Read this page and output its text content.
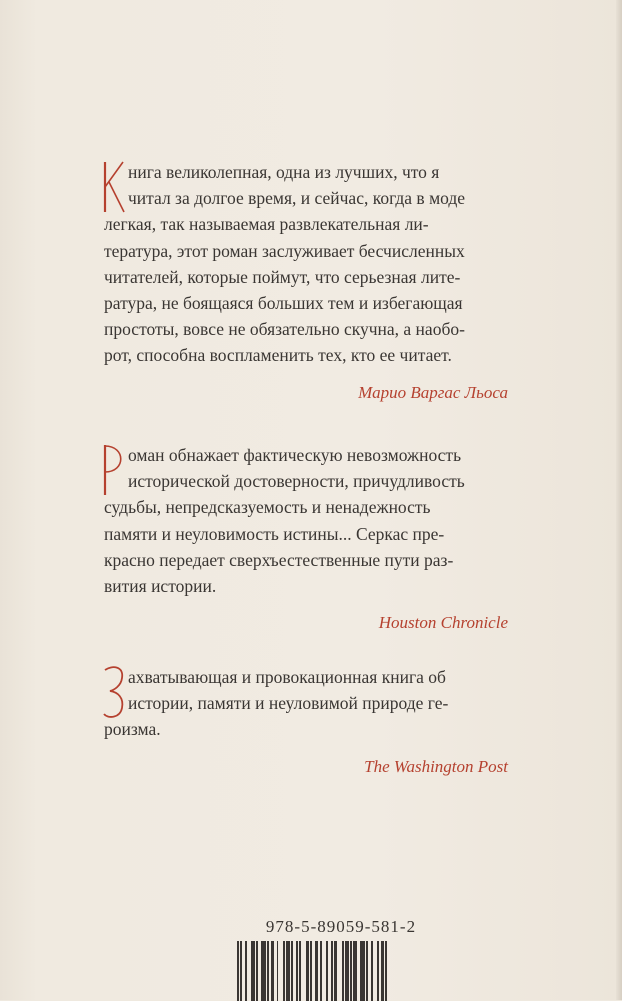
нига великолепная, одна из лучших, что я
читал за долгое время, и сейчас, когда в моде
легкая, так называемая развлекательная ли-
тература, этот роман заслуживает бесчисленных
читателей, которые поймут, что серьезная лите-
ратура, не боящаяся больших тем и избегающая
простоты, вовсе не обязательно скучна, а наобо-
рот, способна воспламенить тех, кто ее читает.

Марио Варгас Льоса

оман обнажает фактическую невозможность
исторической достоверности, причудливость
судьбы, непредсказуемость и ненадежность
памяти и неуловимость истины... Серкас пре-
красно передает сверхъестественные пути раз-
вития истории.

Houston Chronicle

ахватывающая и провокационная книга об
истории, памяти и неуловимой природе ге-
роизма.

The Washington Post
978-5-89059-581-2
